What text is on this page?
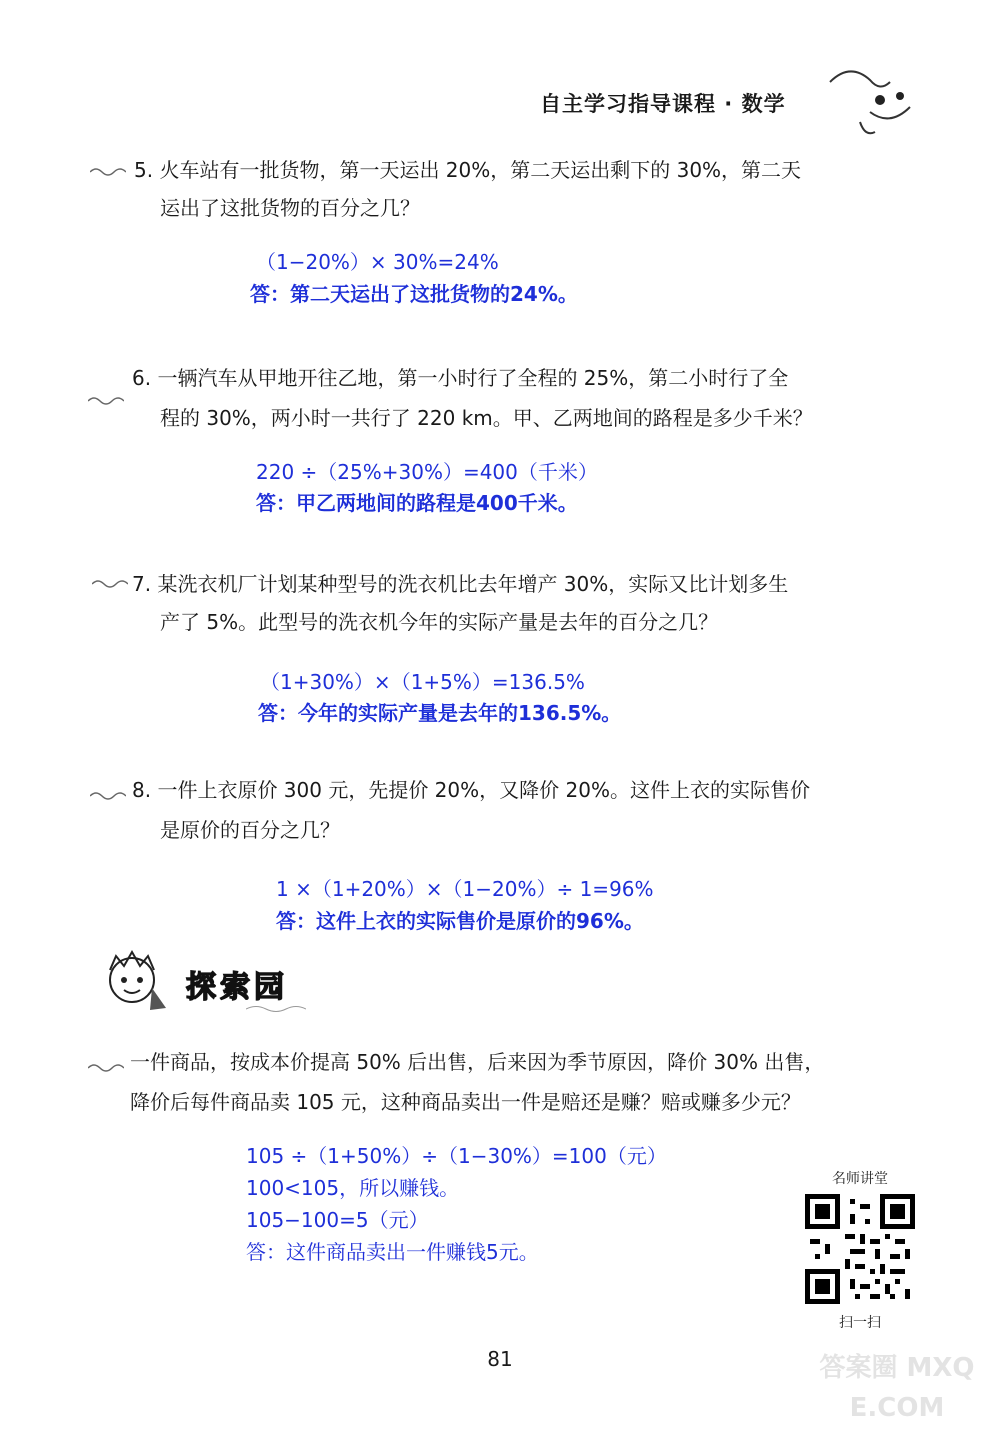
自主学习指导课程 · 数学
5. 火车站有一批货物，第一天运出 20%，第二天运出剩下的 30%，第二天
运出了这批货物的百分之几？
（1−20%）× 30%=24%
答：第二天运出了这批货物的24%。
6. 一辆汽车从甲地开往乙地，第一小时行了全程的 25%，第二小时行了全
程的 30%，两小时一共行了 220 km。甲、乙两地间的路程是多少千米？
220 ÷（25%+30%）=400（千米）
答：甲乙两地间的路程是400千米。
7. 某洗衣机厂计划某种型号的洗衣机比去年增产 30%，实际又比计划多生
产了 5%。此型号的洗衣机今年的实际产量是去年的百分之几？
（1+30%）×（1+5%）=136.5%
答：今年的实际产量是去年的136.5%。
8. 一件上衣原价 300 元，先提价 20%，又降价 20%。这件上衣的实际售价
是原价的百分之几？
1 ×（1+20%）×（1−20%）÷ 1=96%
答：这件上衣的实际售价是原价的96%。
探索园
一件商品，按成本价提高 50% 后出售，后来因为季节原因，降价 30% 出售，
降价后每件商品卖 105 元，这种商品卖出一件是赔还是赚？赔或赚多少元？
105 ÷（1+50%）÷（1−30%）=100（元）
100<105，所以赚钱。
105−100=5（元）
答：这件商品卖出一件赚钱5元。
名师讲堂
扫一扫
81	答案圈 MXQE.COM
